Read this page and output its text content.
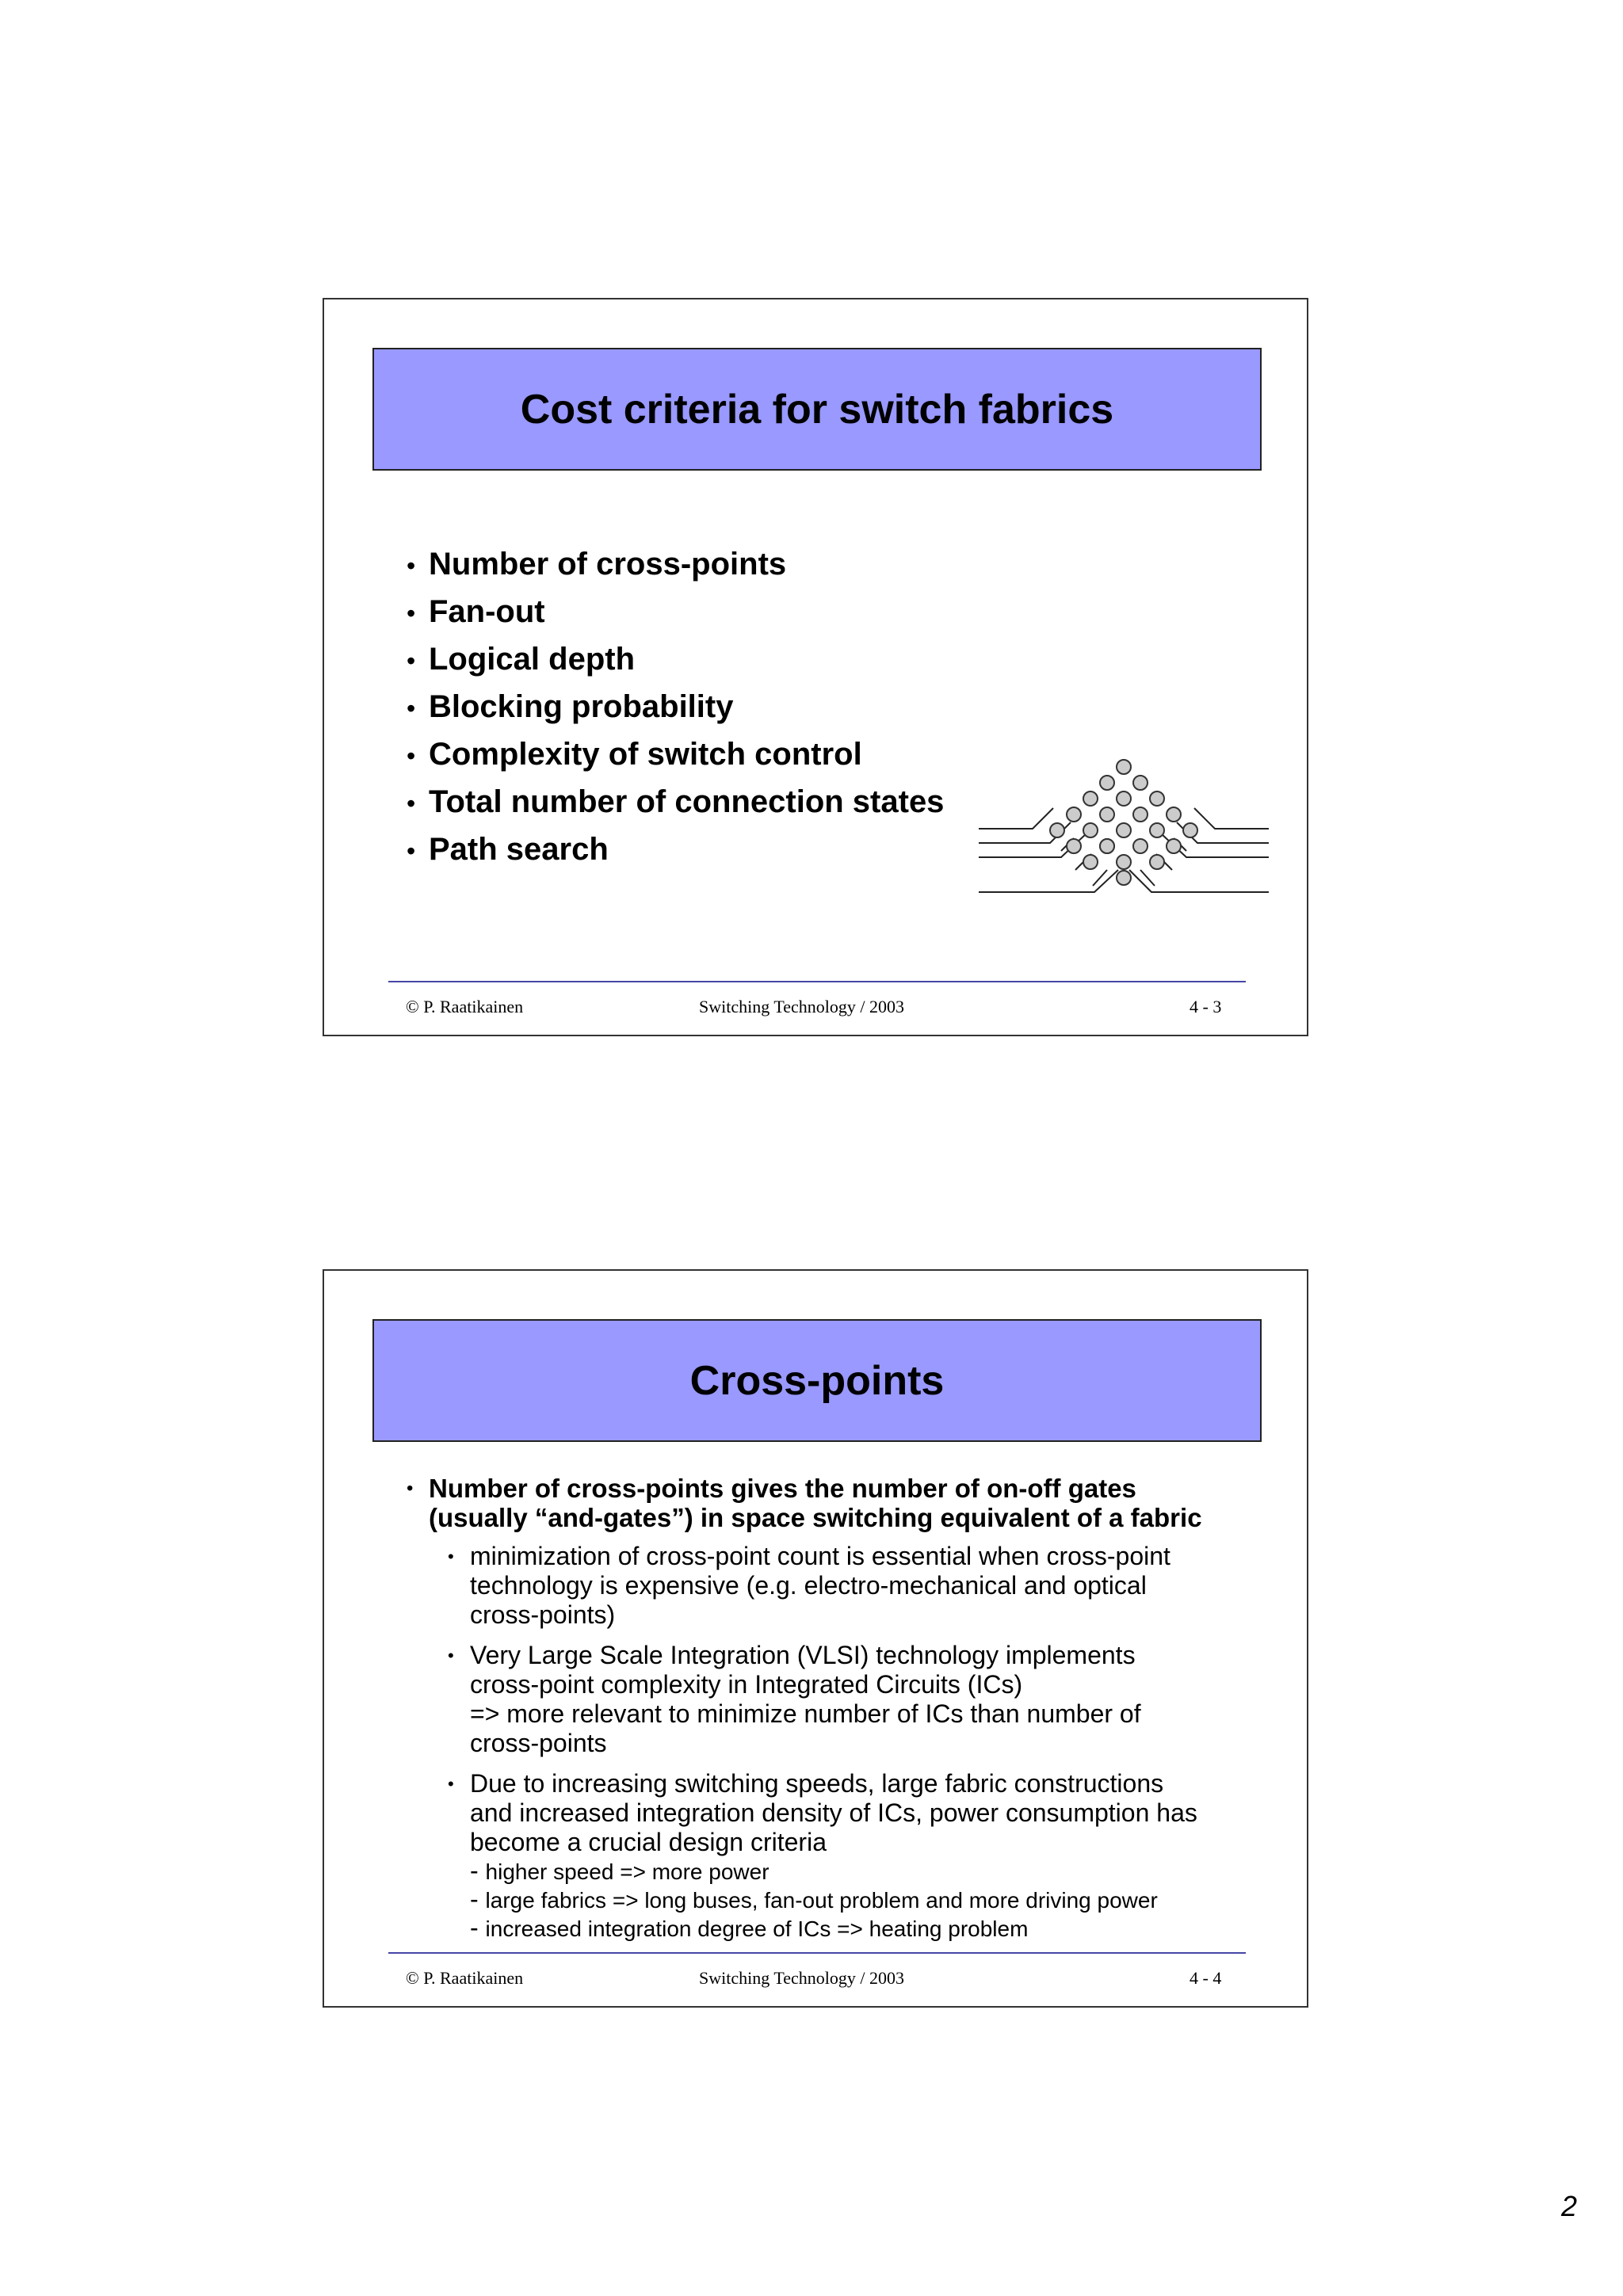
Cost criteria for switch fabrics
• Number of cross-points
• Fan-out
• Logical depth
• Blocking probability
• Complexity of switch control
• Total number of connection states
• Path search
© P. Raatikainen	Switching Technology / 2003	4 - 3
Cross-points
• Number of cross-points gives the number of on-off gates
(usually “and-gates”) in space switching equivalent of a fabric
• minimization of cross-point count is essential when cross-point
technology is expensive (e.g. electro-mechanical and optical
cross-points)
• Very Large Scale Integration (VLSI) technology implements
cross-point complexity in Integrated Circuits (ICs)
=> more relevant to minimize number of ICs than number of
cross-points
• Due to increasing switching speeds, large fabric constructions
and increased integration density of ICs, power consumption has
become a crucial design criteria
- higher speed => more power
- large fabrics => long buses, fan-out problem and more driving power
- increased integration degree of ICs => heating problem
© P. Raatikainen	Switching Technology / 2003	4 - 4
2
